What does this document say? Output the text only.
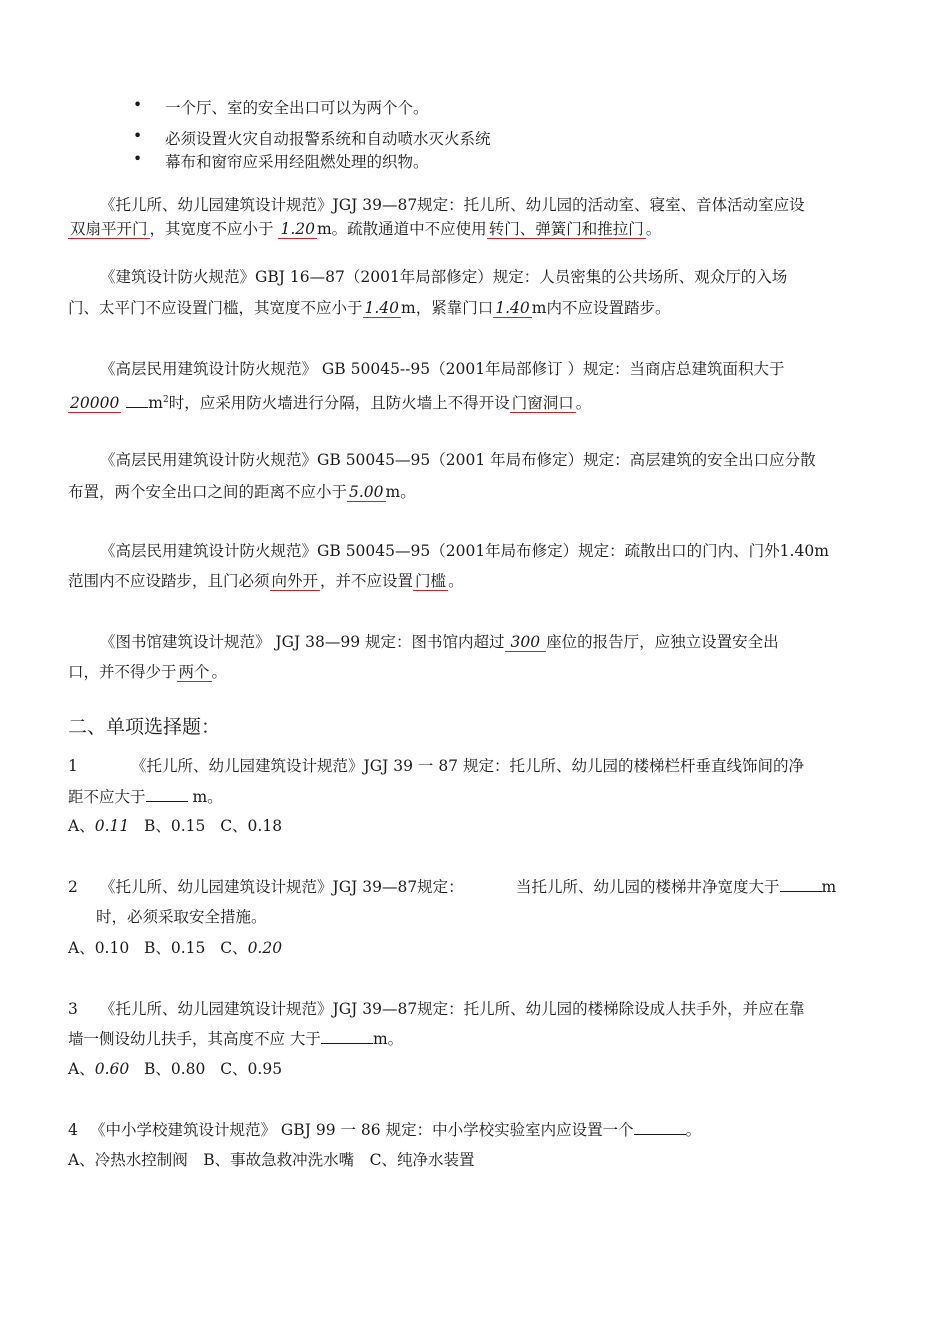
• 一个厅、室的安全出口可以为两个个。
• 必须设置火灾自动报警系统和自动喷水灭火系统
• 幕布和窗帘应采用经阻燃处理的织物。
《托儿所、幼儿园建筑设计规范》JGJ 39—87规定：托儿所、幼儿园的活动室、寝室、音体活动室应设
双扇平开门 ，其宽度不应小于 1.20 m。疏散通道中不应使用 转门、弹簧门和推拉门 。
《建筑设计防火规范》GBJ 16—87（2001年局部修定）规定：人员密集的公共场所、观众厅的入场
门、太平门不应设置门槛，其宽度不应小于 1.40 m，紧靠门口 1.40 m内不应设置踏步。
《高层民用建筑设计防火规范》 GB 50045--95（2001年局部修订 ）规定：当商店总建筑面积大于
20000 $m^2$时，应采用防火墙进行分隔，且防火墙上不得开设 门窗洞口 。
《高层民用建筑设计防火规范》GB 50045—95（2001 年局布修定）规定：高层建筑的安全出口应分散
布置，两个安全出口之间的距离不应小于 5.00 m。
《高层民用建筑设计防火规范》GB 50045—95（2001年局布修定）规定：疏散出口的门内、门外1.40m
范围内不应设踏步，且门必须 向外开 ，并不应设置 门槛 。
《图书馆建筑设计规范》 JGJ 38—99 规定：图书馆内超过 300 座位的报告厅，应独立设置安全出
口，并不得少于 两个 。
二、单项选择题：
1	《托儿所、幼儿园建筑设计规范》JGJ 39 一 87 规定：托儿所、幼儿园的楼梯栏杆垂直线饰间的净
距不应大于	m。
A、0.11 B、0.15 C、0.18
2 《托儿所、幼儿园建筑设计规范》JGJ 39—87规定：	当托儿所、幼儿园的楼梯井净宽度大于	m
时，必须采取安全措施。
A、0.10 B、0.15 C、0.20
3 《托儿所、幼儿园建筑设计规范》JGJ 39—87规定：托儿所、幼儿园的楼梯除设成人扶手外，并应在靠
墙一侧设幼儿扶手，其高度不应 大于	m。
A、0.60 B、0.80 C、0.95
4 《中小学校建筑设计规范》 GBJ 99 一 86 规定：中小学校实验室内应设置一个	。
A、冷热水控制阀　B、事故急救冲洗水嘴　C、纯净水装置
